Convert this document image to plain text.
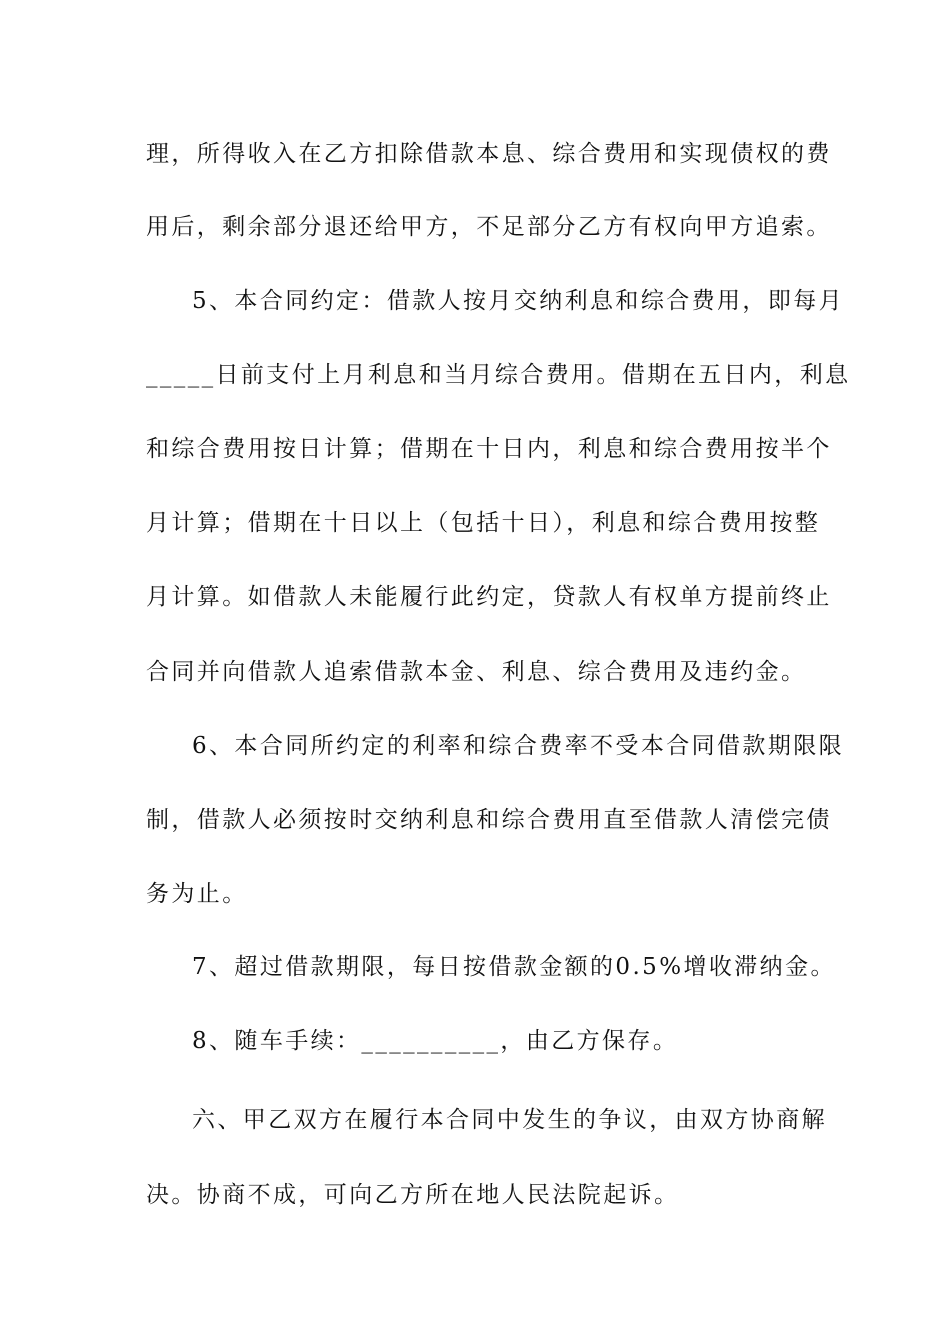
理，所得收入在乙方扣除借款本息、综合费用和实现债权的费
用后，剩余部分退还给甲方，不足部分乙方有权向甲方追索。
5、本合同约定：借款人按月交纳利息和综合费用，即每月
_____日前支付上月利息和当月综合费用。借期在五日内，利息
和综合费用按日计算；借期在十日内，利息和综合费用按半个
月计算；借期在十日以上（包括十日），利息和综合费用按整
月计算。如借款人未能履行此约定，贷款人有权单方提前终止
合同并向借款人追索借款本金、利息、综合费用及违约金。
6、本合同所约定的利率和综合费率不受本合同借款期限限
制，借款人必须按时交纳利息和综合费用直至借款人清偿完债
务为止。
7、超过借款期限，每日按借款金额的0.5%增收滞纳金。
8、随车手续：__________，由乙方保存。
六、甲乙双方在履行本合同中发生的争议，由双方协商解
决。协商不成，可向乙方所在地人民法院起诉。
